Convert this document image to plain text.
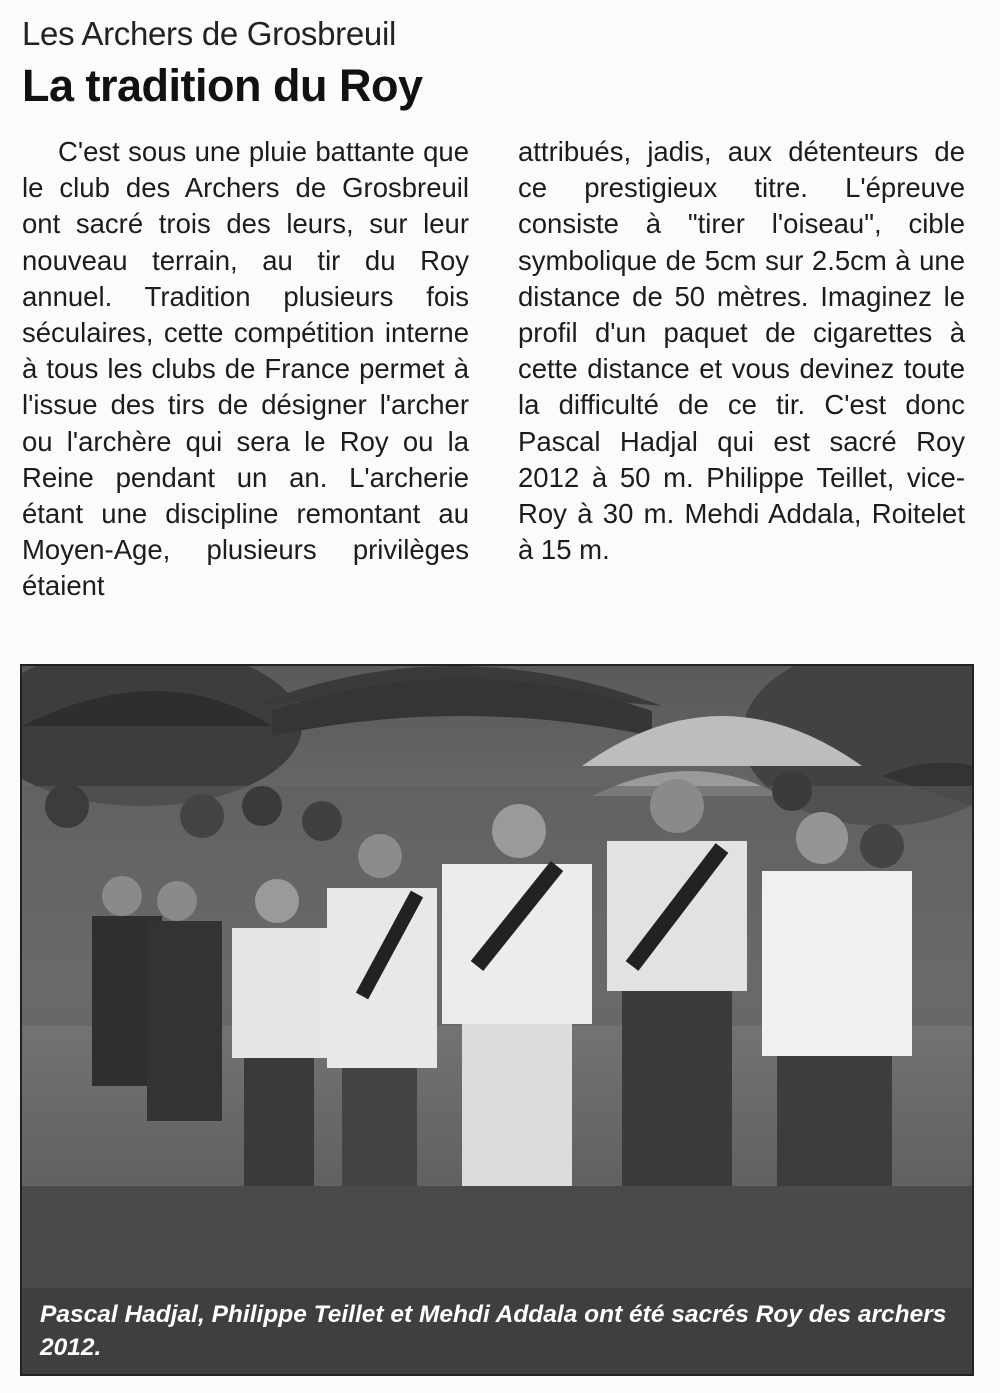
Les Archers de Grosbreuil
La tradition du Roy

C'est sous une pluie battante que le club des Archers de Grosbreuil ont sacré trois des leurs, sur leur nouveau terrain, au tir du Roy annuel. Tradition plusieurs fois séculaires, cette compétition interne à tous les clubs de France permet à l'issue des tirs de désigner l'archer ou l'archère qui sera le Roy ou la Reine pendant un an. L'archerie étant une discipline remontant au Moyen-Age, plusieurs privilèges étaient

attribués, jadis, aux détenteurs de ce prestigieux titre. L'épreuve consiste à "tirer l'oiseau", cible symbolique de 5cm sur 2.5cm à une distance de 50 mètres. Imaginez le profil d'un paquet de cigarettes à cette distance et vous devinez toute la difficulté de ce tir. C'est donc Pascal Hadjal qui est sacré Roy 2012 à 50 m. Philippe Teillet, vice-Roy à 30 m. Mehdi Addala, Roitelet à 15 m.

Pascal Hadjal, Philippe Teillet et Mehdi Addala ont été sacrés Roy des archers 2012.
